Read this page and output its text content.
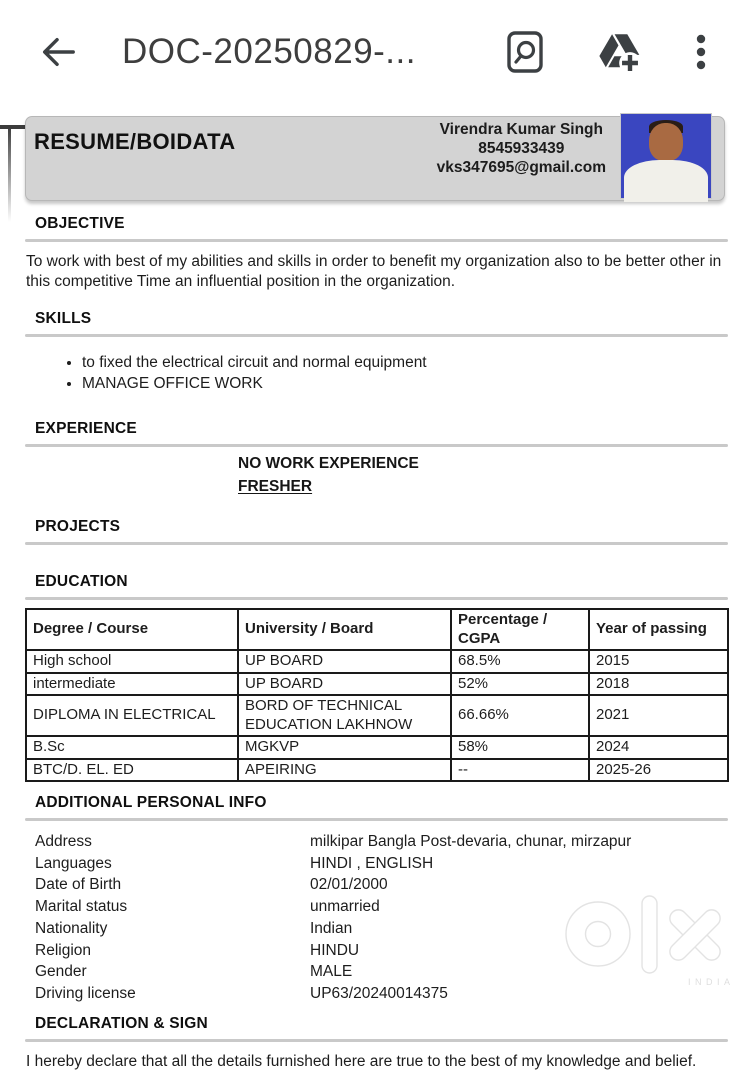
DOC-20250829-...
RESUME/BOIDATA	Virendra Kumar Singh
8545933439
vks347695@gmail.com
OBJECTIVE

To work with best of my abilities and skills in order to benefit my organization also to be better other in this competitive Time an influential position in the organization.

SKILLS
• to fixed the electrical circuit and normal equipment
• MANAGE OFFICE WORK
EXPERIENCE
NO WORK EXPERIENCE
FRESHER
PROJECTS
EDUCATION
Degree / Course	University / Board	Percentage / CGPA	Year of passing
High school	UP BOARD	68.5%	2015
intermediate	UP BOARD	52%	2018
DIPLOMA IN ELECTRICAL	BORD OF TECHNICAL EDUCATION LAKHNOW	66.66%	2021
B.Sc	MGKVP	58%	2024
BTC/D. EL. ED	APEIRING	--	2025-26
ADDITIONAL PERSONAL INFO
Address	milkipar Bangla Post-devaria, chunar, mirzapur
Languages	HINDI , ENGLISH
Date of Birth	02/01/2000
Marital status	unmarried
Nationality	Indian
Religion	HINDU
Gender	MALE
Driving license	UP63/20240014375
DECLARATION & SIGN

I hereby declare that all the details furnished here are true to the best of my knowledge and belief.

INDIA
